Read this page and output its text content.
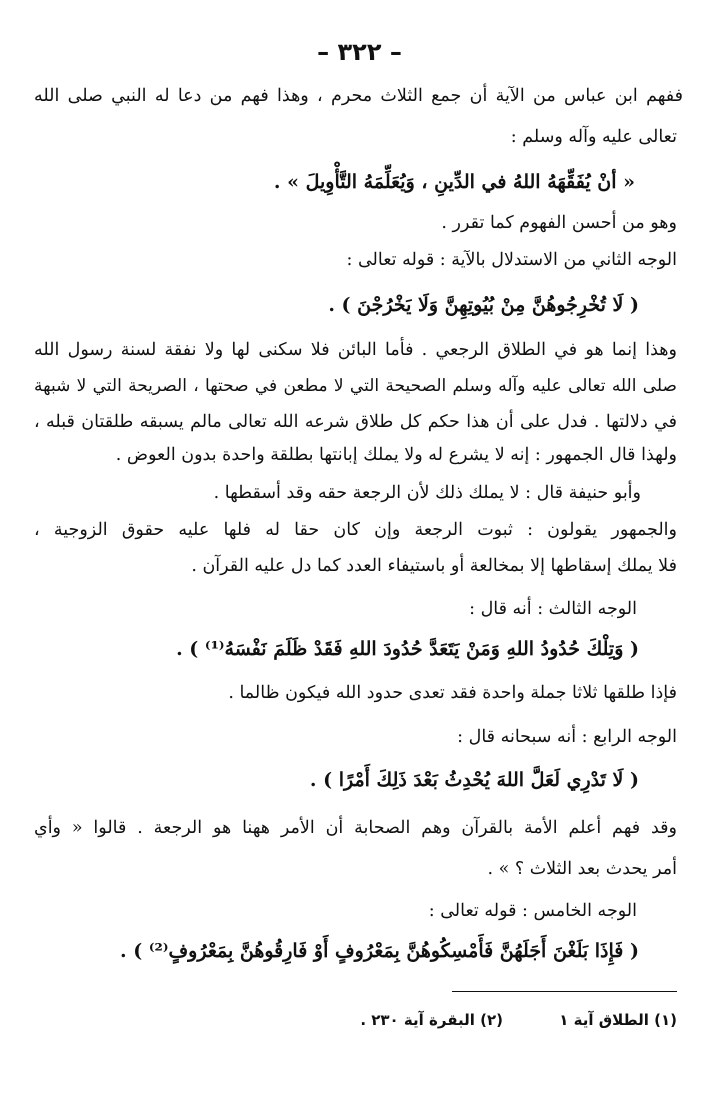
– ٣٢٢ –
ففهم ابن عباس من الآية أن جمع الثلاث محرم ، وهذا فهم من دعا له النبي صلى الله
تعالى عليه وآله وسلم :
« أنْ يُفَقِّهَهُ اللهُ في الدِّينِ ، وَيُعَلِّمَهُ التَّأْوِيلَ » .
وهو من أحسن الفهوم كما تقرر .
الوجه الثاني من الاستدلال بالآية : قوله تعالى :
( لَا تُخْرِجُوهُنَّ مِنْ بُيُوتِهِنَّ وَلَا يَخْرُجْنَ ) .
وهذا إنما هو في الطلاق الرجعي . فأما البائن فلا سكنى لها ولا نفقة لسنة رسول الله
صلى الله تعالى عليه وآله وسلم الصحيحة التي لا مطعن في صحتها ، الصريحة التي لا شبهة
في دلالتها . فدل على أن هذا حكم كل طلاق شرعه الله تعالى مالم يسبقه طلقتان قبله ،
ولهذا قال الجمهور : إنه لا يشرع له ولا يملك إبانتها بطلقة واحدة بدون العوض .
وأبو حنيفة قال : لا يملك ذلك لأن الرجعة حقه وقد أسقطها .
والجمهور يقولون : ثبوت الرجعة وإن كان حقا له فلها عليه حقوق الزوجية ،
فلا يملك إسقاطها إلا بمخالعة أو باستيفاء العدد كما دل عليه القرآن .
الوجه الثالث : أنه قال :
( وَتِلْكَ حُدُودُ اللهِ وَمَنْ يَتَعَدَّ حُدُودَ اللهِ فَقَدْ ظَلَمَ نَفْسَهُ⁽¹⁾ ) .
فإذا طلقها ثلاثا جملة واحدة فقد تعدى حدود الله فيكون ظالما .
الوجه الرابع : أنه سبحانه قال :
( لَا تَدْرِي لَعَلَّ اللهَ يُحْدِثُ بَعْدَ ذَلِكَ أَمْرًا ) .
وقد فهم أعلم الأمة بالقرآن وهم الصحابة أن الأمر ههنا هو الرجعة . قالوا « وأي
أمر يحدث بعد الثلاث ؟ » .
الوجه الخامس : قوله تعالى :
( فَإِذَا بَلَغْنَ أَجَلَهُنَّ فَأَمْسِكُوهُنَّ بِمَعْرُوفٍ أَوْ فَارِقُوهُنَّ بِمَعْرُوفٍ⁽²⁾ ) .
(١) الطلاق آية ١
(٢) البقرة آية ٢٣٠ .
